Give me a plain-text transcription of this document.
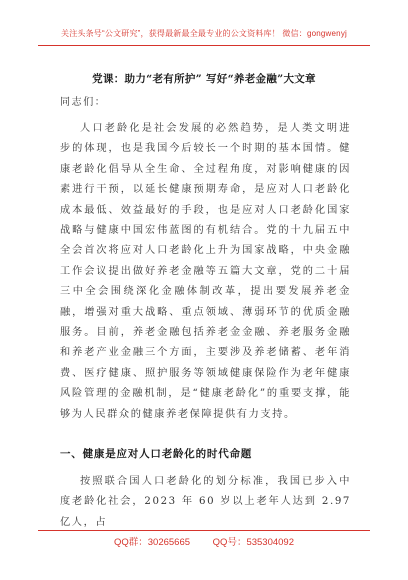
关注头条号“公文研究”，获得最新最全最专业的公文资料库！ 微信：gongwenyj
党课：助力“老有所护” 写好“养老金融”大文章
同志们：

人口老龄化是社会发展的必然趋势，是人类文明进步的体现，也是我国今后较长一个时期的基本国情。健康老龄化倡导从全生命、全过程角度，对影响健康的因素进行干预，以延长健康预期寿命，是应对人口老龄化成本最低、效益最好的手段，也是应对人口老龄化国家战略与健康中国宏伟蓝图的有机结合。党的十九届五中全会首次将应对人口老龄化上升为国家战略，中央金融工作会议提出做好养老金融等五篇大文章，党的二十届三中全会围绕深化金融体制改革，提出要发展养老金融，增强对重大战略、重点领域、薄弱环节的优质金融服务。目前，养老金融包括养老金金融、养老服务金融和养老产业金融三个方面，主要涉及养老储蓄、老年消费、医疗健康、照护服务等领域健康保险作为老年健康风险管理的金融机制，是“健康老龄化”的重要支撑，能够为人民群众的健康养老保障提供有力支持。

一、健康是应对人口老龄化的时代命题

按照联合国人口老龄化的划分标准，我国已步入中度老龄化社会，2023 年 60 岁以上老年人达到 2.97 亿人，占

QQ群：30265665 QQ号：535304092
